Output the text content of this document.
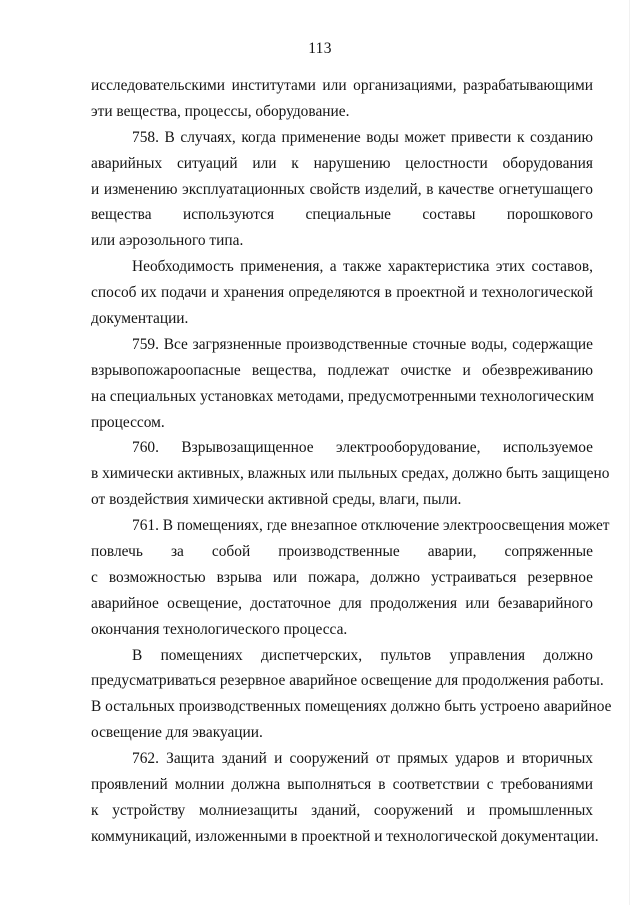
113
исследовательскими институтами или организациями, разрабатывающими
эти вещества, процессы, оборудование.
758. В случаях, когда применение воды может привести к созданию
аварийных ситуаций или к нарушению целостности оборудования
и изменению эксплуатационных свойств изделий, в качестве огнетушащего
вещества используются специальные составы порошкового
или аэрозольного типа.
Необходимость применения, а также характеристика этих составов,
способ их подачи и хранения определяются в проектной и технологической
документации.
759. Все загрязненные производственные сточные воды, содержащие
взрывопожароопасные вещества, подлежат очистке и обезвреживанию
на специальных установках методами, предусмотренными технологическим
процессом.
760. Взрывозащищенное электрооборудование, используемое
в химически активных, влажных или пыльных средах, должно быть защищено
от воздействия химически активной среды, влаги, пыли.
761. В помещениях, где внезапное отключение электроосвещения может
повлечь за собой производственные аварии, сопряженные
с возможностью взрыва или пожара, должно устраиваться резервное
аварийное освещение, достаточное для продолжения или безаварийного
окончания технологического процесса.
В помещениях диспетчерских, пультов управления должно
предусматриваться резервное аварийное освещение для продолжения работы.
В остальных производственных помещениях должно быть устроено аварийное
освещение для эвакуации.
762. Защита зданий и сооружений от прямых ударов и вторичных
проявлений молнии должна выполняться в соответствии с требованиями
к устройству молниезащиты зданий, сооружений и промышленных
коммуникаций, изложенными в проектной и технологической документации.
